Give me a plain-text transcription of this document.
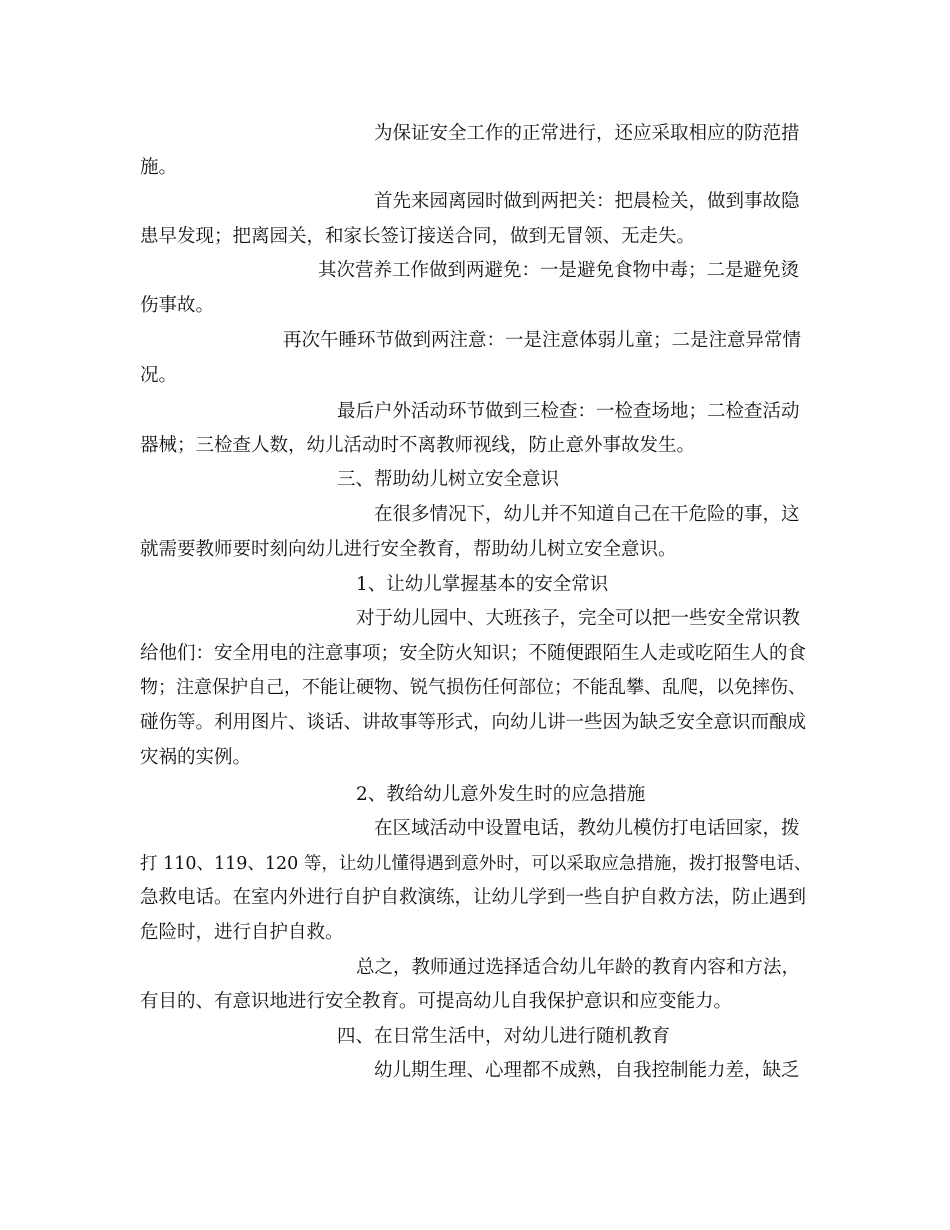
为保证安全工作的正常进行，还应采取相应的防范措
施。
首先来园离园时做到两把关：把晨检关，做到事故隐
患早发现；把离园关，和家长签订接送合同，做到无冒领、无走失。
其次营养工作做到两避免：一是避免食物中毒；二是避免烫
伤事故。
再次午睡环节做到两注意：一是注意体弱儿童；二是注意异常情
况。
最后户外活动环节做到三检查：一检查场地；二检查活动
器械；三检查人数，幼儿活动时不离教师视线，防止意外事故发生。
三、帮助幼儿树立安全意识
在很多情况下，幼儿并不知道自己在干危险的事，这
就需要教师要时刻向幼儿进行安全教育，帮助幼儿树立安全意识。
1、让幼儿掌握基本的安全常识
对于幼儿园中、大班孩子，完全可以把一些安全常识教
给他们：安全用电的注意事项；安全防火知识；不随便跟陌生人走或吃陌生人的食
物；注意保护自己，不能让硬物、锐气损伤任何部位；不能乱攀、乱爬，以免摔伤、
碰伤等。利用图片、谈话、讲故事等形式，向幼儿讲一些因为缺乏安全意识而酿成
灾祸的实例。
2、教给幼儿意外发生时的应急措施
在区域活动中设置电话，教幼儿模仿打电话回家，拨
打 110、119、120 等，让幼儿懂得遇到意外时，可以采取应急措施，拨打报警电话、
急救电话。在室内外进行自护自救演练，让幼儿学到一些自护自救方法，防止遇到
危险时，进行自护自救。
总之，教师通过选择适合幼儿年龄的教育内容和方法，
有目的、有意识地进行安全教育。可提高幼儿自我保护意识和应变能力。
四、在日常生活中，对幼儿进行随机教育
幼儿期生理、心理都不成熟，自我控制能力差，缺乏
